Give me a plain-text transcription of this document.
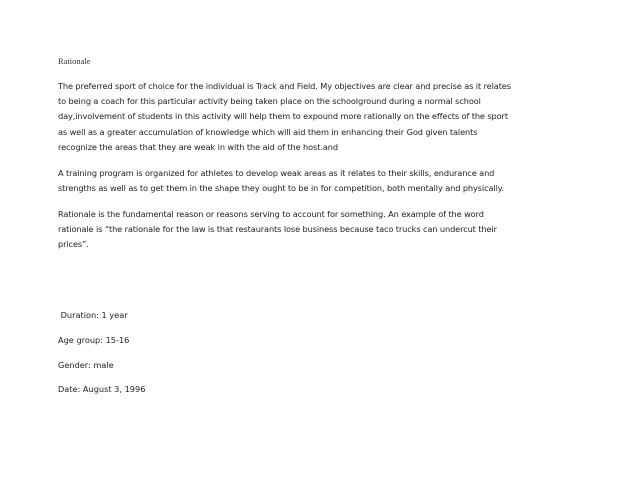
Rationale

The preferred sport of choice for the individual is Track and Field. My objectives are clear and precise as it relates
to being a coach for this particular activity being taken place on the schoolground during a normal school
day,involvement of students in this activity will help them to expound more rationally on the effects of the sport
as well as a greater accumulation of knowledge which will aid them in enhancing their God given talents
recognize the areas that they are weak in with the aid of the host.and

A training program is organized for athletes to develop weak areas as it relates to their skills, endurance and
strengths as well as to get them in the shape they ought to be in for competition, both mentally and physically.

Rationale is the fundamental reason or reasons serving to account for something. An example of the word
rationale is “the rationale for the law is that restaurants lose business because taco trucks can undercut their
prices”.

Duration: 1 year

Age group: 15-16

Gender: male

Date: August 3, 1996
